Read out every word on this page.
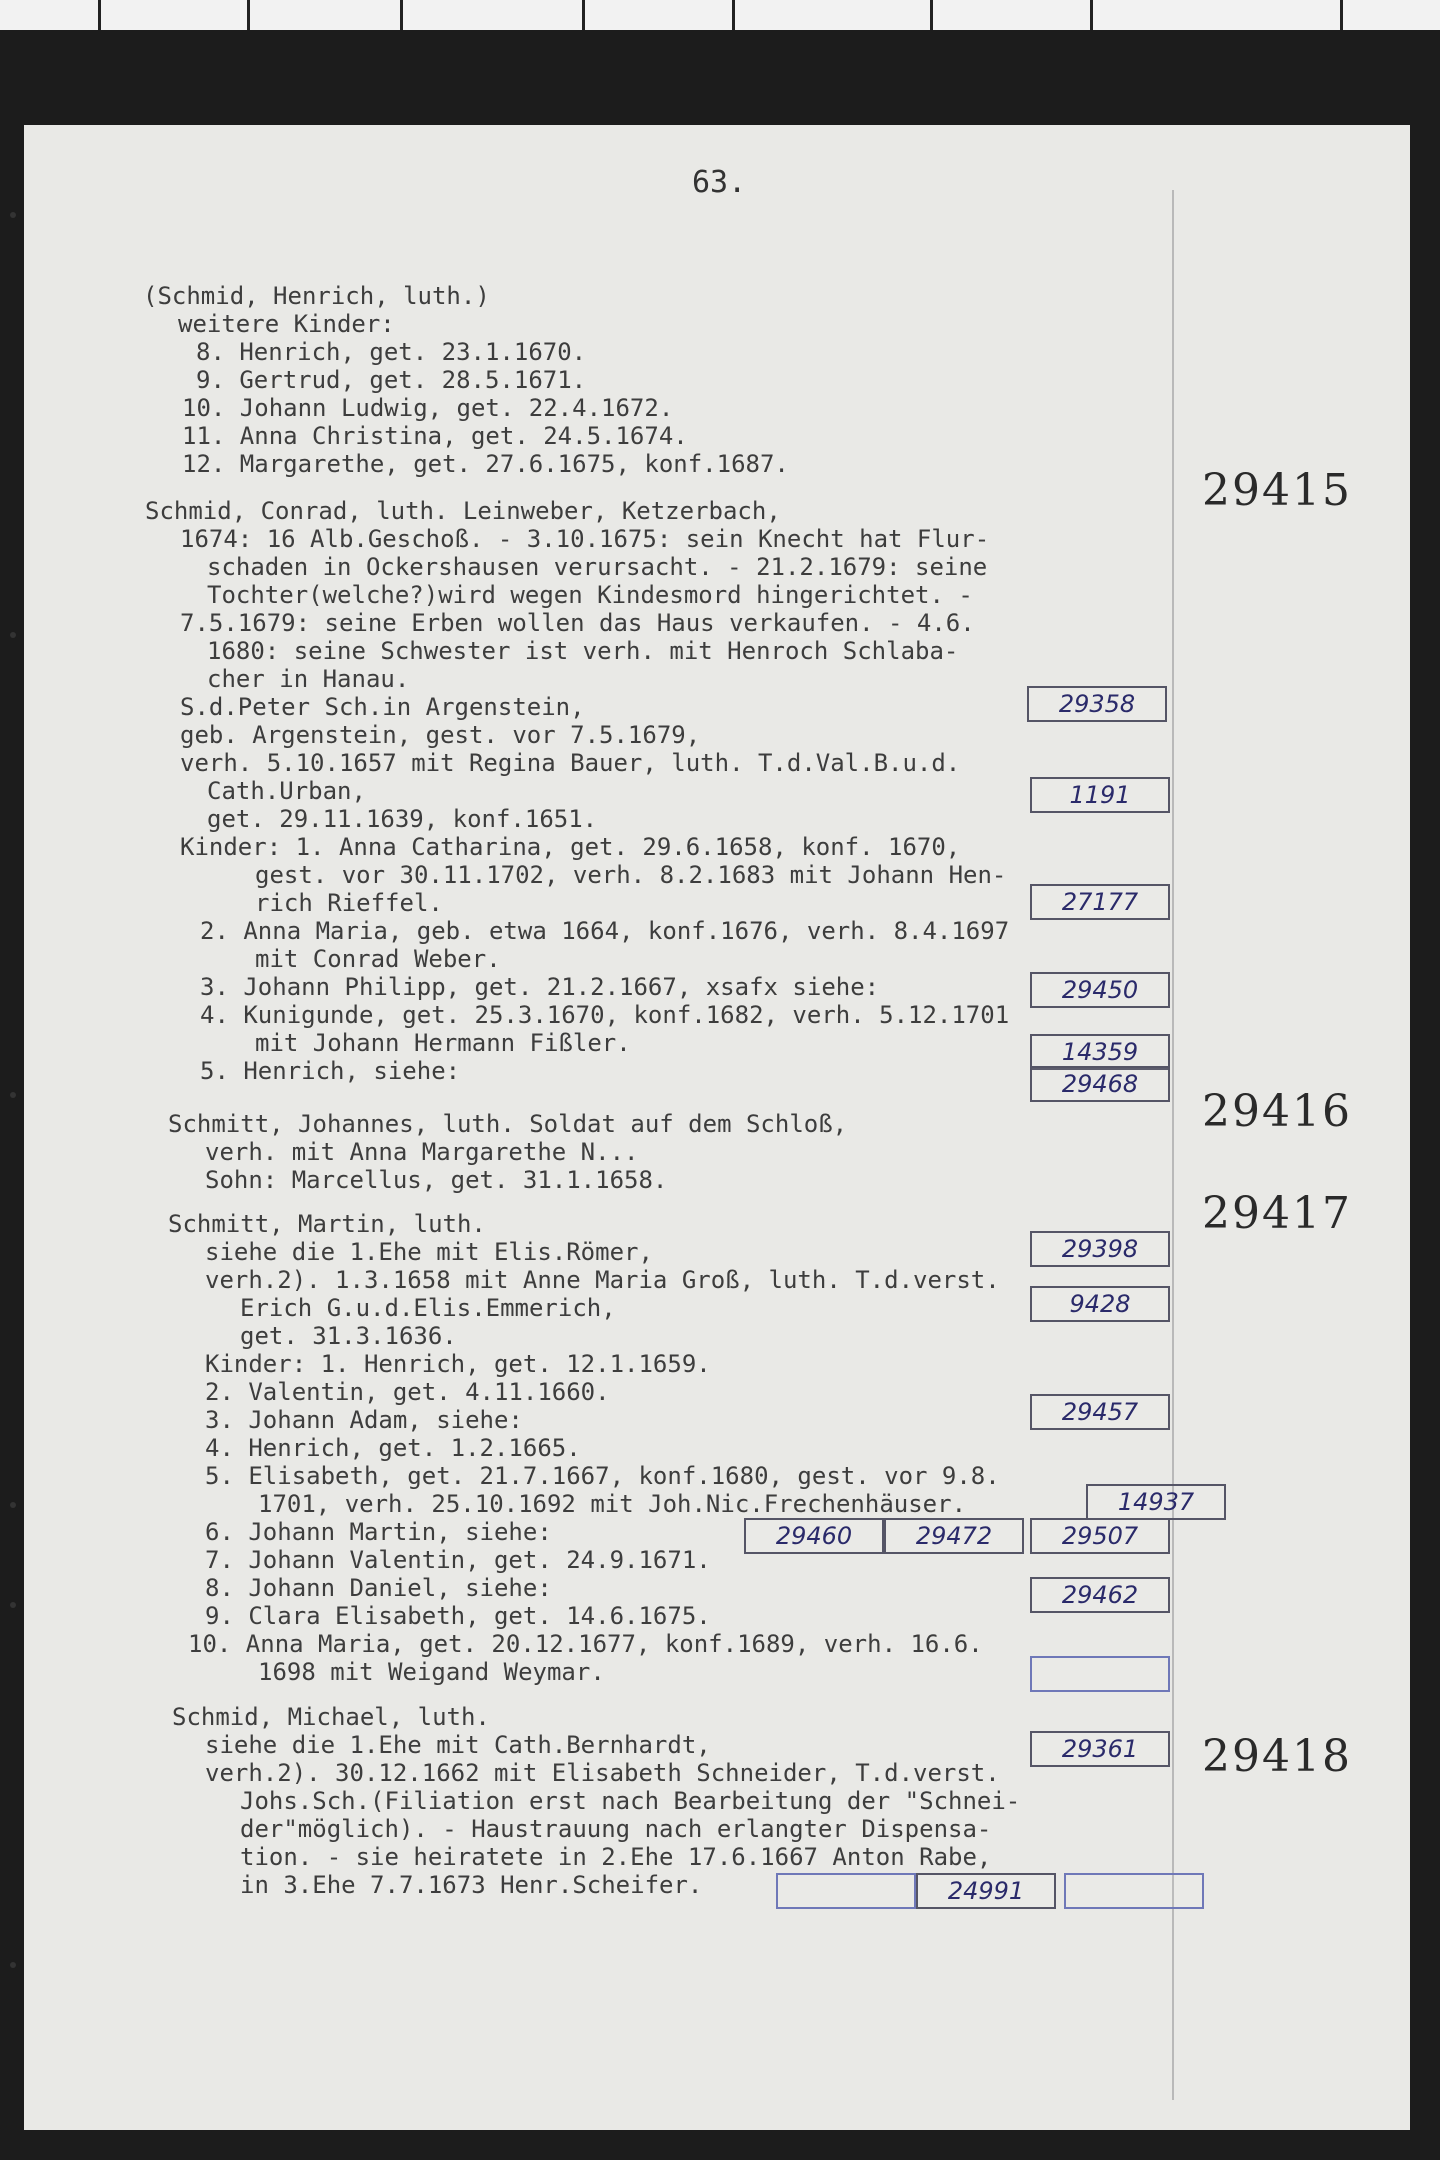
63.
(Schmid, Henrich, luth.)
weitere Kinder:
8. Henrich, get. 23.1.1670.
9. Gertrud, get. 28.5.1671.
10. Johann Ludwig, get. 22.4.1672.
11. Anna Christina, get. 24.5.1674.
12. Margarethe, get. 27.6.1675, konf.1687.
Schmid, Conrad, luth. Leinweber, Ketzerbach,
1674: 16 Alb.Geschoß. - 3.10.1675: sein Knecht hat Flur-
schaden in Ockershausen verursacht. - 21.2.1679: seine
Tochter(welche?)wird wegen Kindesmord hingerichtet. -
7.5.1679: seine Erben wollen das Haus verkaufen. - 4.6.
1680: seine Schwester ist verh. mit Henroch Schlaba-
cher in Hanau.
S.d.Peter Sch.in Argenstein,
geb. Argenstein, gest. vor 7.5.1679,
verh. 5.10.1657 mit Regina Bauer, luth. T.d.Val.B.u.d.
Cath.Urban,
get. 29.11.1639, konf.1651.
Kinder: 1. Anna Catharina, get. 29.6.1658, konf. 1670,
gest. vor 30.11.1702, verh. 8.2.1683 mit Johann Hen-
rich Rieffel.
2. Anna Maria, geb. etwa 1664, konf.1676, verh. 8.4.1697
mit Conrad Weber.
3. Johann Philipp, get. 21.2.1667, xsafx siehe:
4. Kunigunde, get. 25.3.1670, konf.1682, verh. 5.12.1701
mit Johann Hermann Fißler.
5. Henrich, siehe:
Schmitt, Johannes, luth. Soldat auf dem Schloß,
verh. mit Anna Margarethe N...
Sohn: Marcellus, get. 31.1.1658.
Schmitt, Martin, luth.
siehe die 1.Ehe mit Elis.Römer,
verh.2). 1.3.1658 mit Anne Maria Groß, luth. T.d.verst.
Erich G.u.d.Elis.Emmerich,
get. 31.3.1636.
Kinder: 1. Henrich, get. 12.1.1659.
2. Valentin, get. 4.11.1660.
3. Johann Adam, siehe:
4. Henrich, get. 1.2.1665.
5. Elisabeth, get. 21.7.1667, konf.1680, gest. vor 9.8.
1701, verh. 25.10.1692 mit Joh.Nic.Frechenhäuser.
6. Johann Martin, siehe:
7. Johann Valentin, get. 24.9.1671.
8. Johann Daniel, siehe:
9. Clara Elisabeth, get. 14.6.1675.
10. Anna Maria, get. 20.12.1677, konf.1689, verh. 16.6.
1698 mit Weigand Weymar.
Schmid, Michael, luth.
siehe die 1.Ehe mit Cath.Bernhardt,
verh.2). 30.12.1662 mit Elisabeth Schneider, T.d.verst.
Johs.Sch.(Filiation erst nach Bearbeitung der "Schnei-
der"möglich). - Haustrauung nach erlangter Dispensa-
tion. - sie heiratete in 2.Ehe 17.6.1667 Anton Rabe,
in 3.Ehe 7.7.1673 Henr.Scheifer.
29415
29416
29417
29418
29358
1191
27177
29450
14359
29468
29398
9428
29457
14937
29460	29472	29507
29462
29361
24991
